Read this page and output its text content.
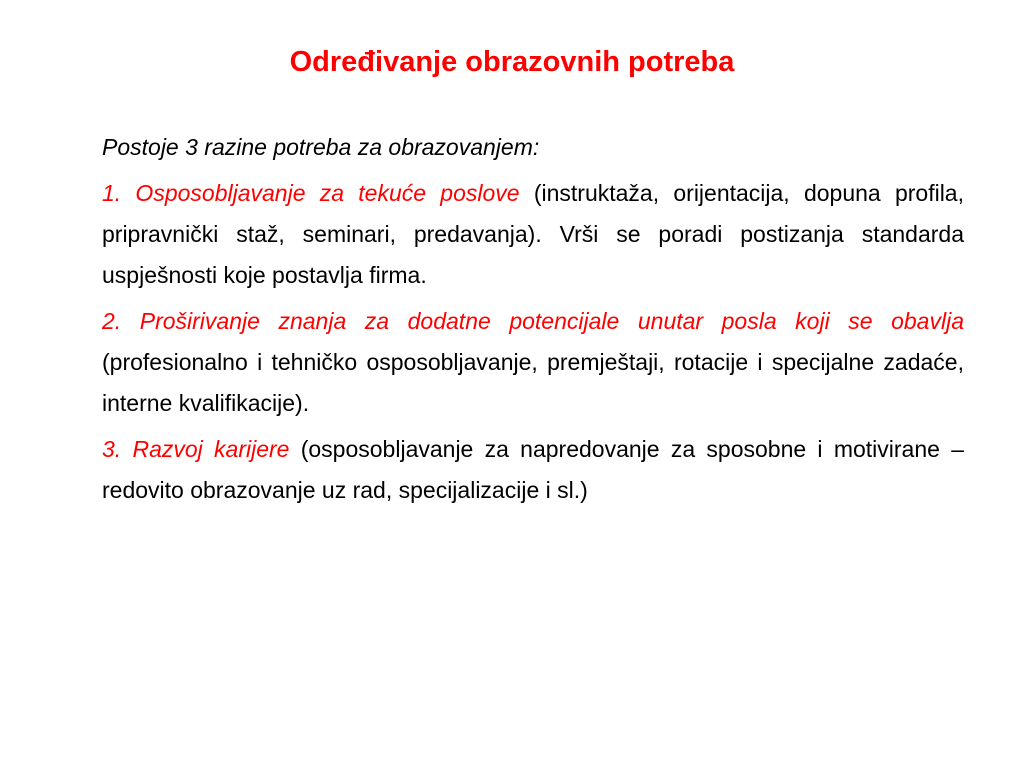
Određivanje obrazovnih potreba

Postoje 3 razine potreba za obrazovanjem:

1. Osposobljavanje za tekuće poslove (instruktaža, orijentacija, dopuna profila, pripravnički staž, seminari, predavanja). Vrši se poradi postizanja standarda uspješnosti koje postavlja firma.

2. Proširivanje znanja za dodatne potencijale unutar posla koji se obavlja (profesionalno i tehničko osposobljavanje, premještaji, rotacije i specijalne zadaće, interne kvalifikacije).

3. Razvoj karijere (osposobljavanje za napredovanje za sposobne i motivirane – redovito obrazovanje uz rad, specijalizacije i sl.)
